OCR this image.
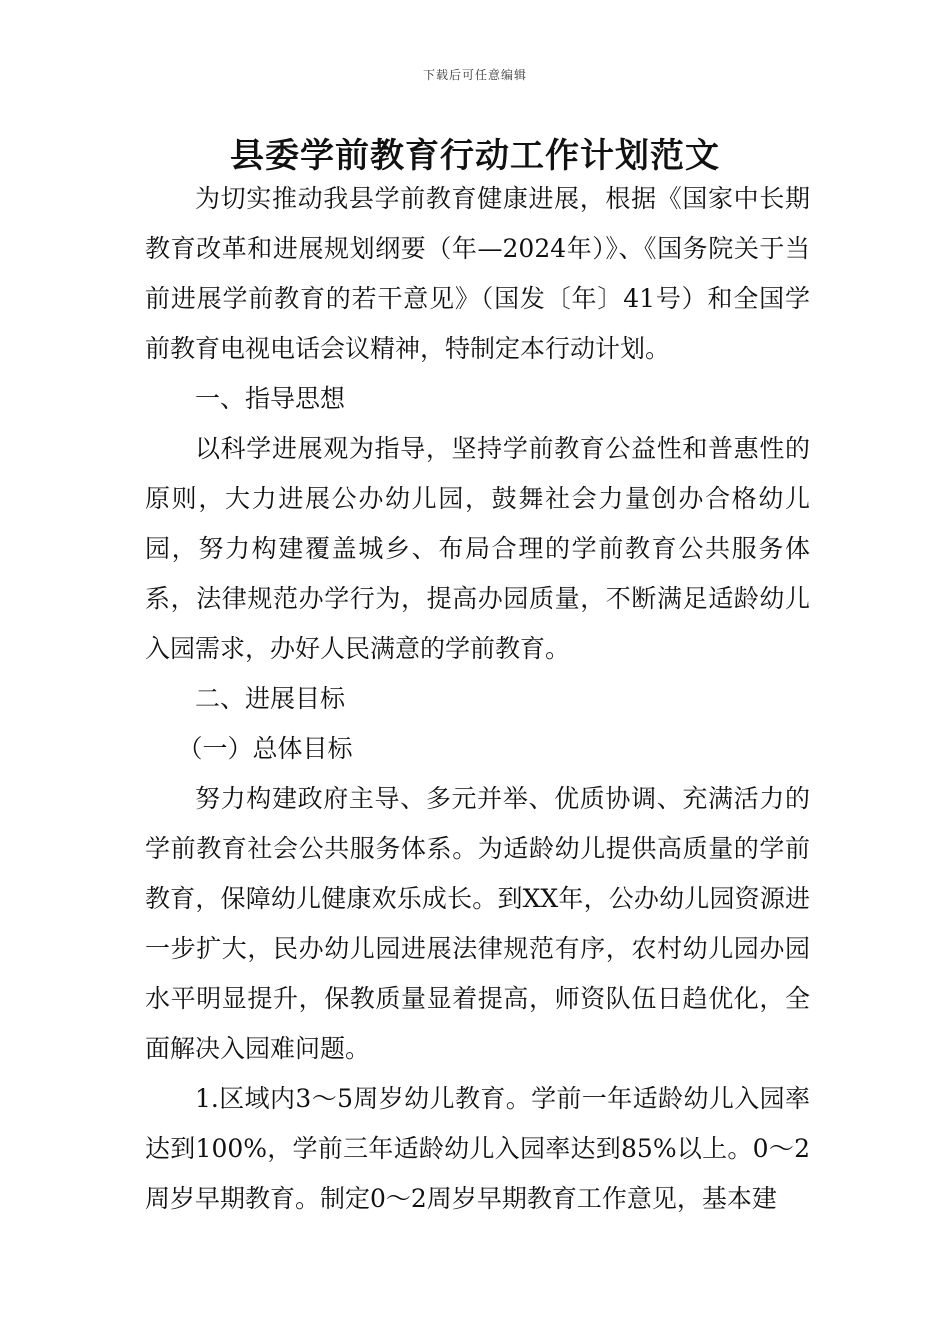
下载后可任意编辑
县委学前教育行动工作计划范文

为切实推动我县学前教育健康进展，根据《国家中长期教育改革和进展规划纲要（年—2024年）》、《国务院关于当前进展学前教育的若干意见》（国发〔年〕41号）和全国学前教育电视电话会议精神，特制定本行动计划。

一、指导思想

以科学进展观为指导，坚持学前教育公益性和普惠性的原则，大力进展公办幼儿园，鼓舞社会力量创办合格幼儿园，努力构建覆盖城乡、布局合理的学前教育公共服务体系，法律规范办学行为，提高办园质量，不断满足适龄幼儿入园需求，办好人民满意的学前教育。

二、进展目标

（一）总体目标

努力构建政府主导、多元并举、优质协调、充满活力的学前教育社会公共服务体系。为适龄幼儿提供高质量的学前教育，保障幼儿健康欢乐成长。到XX年，公办幼儿园资源进一步扩大，民办幼儿园进展法律规范有序，农村幼儿园办园水平明显提升，保教质量显着提高，师资队伍日趋优化，全面解决入园难问题。

1.区域内3～5周岁幼儿教育。学前一年适龄幼儿入园率达到100%，学前三年适龄幼儿入园率达到85%以上。0～2周岁早期教育。制定0～2周岁早期教育工作意见，基本建
